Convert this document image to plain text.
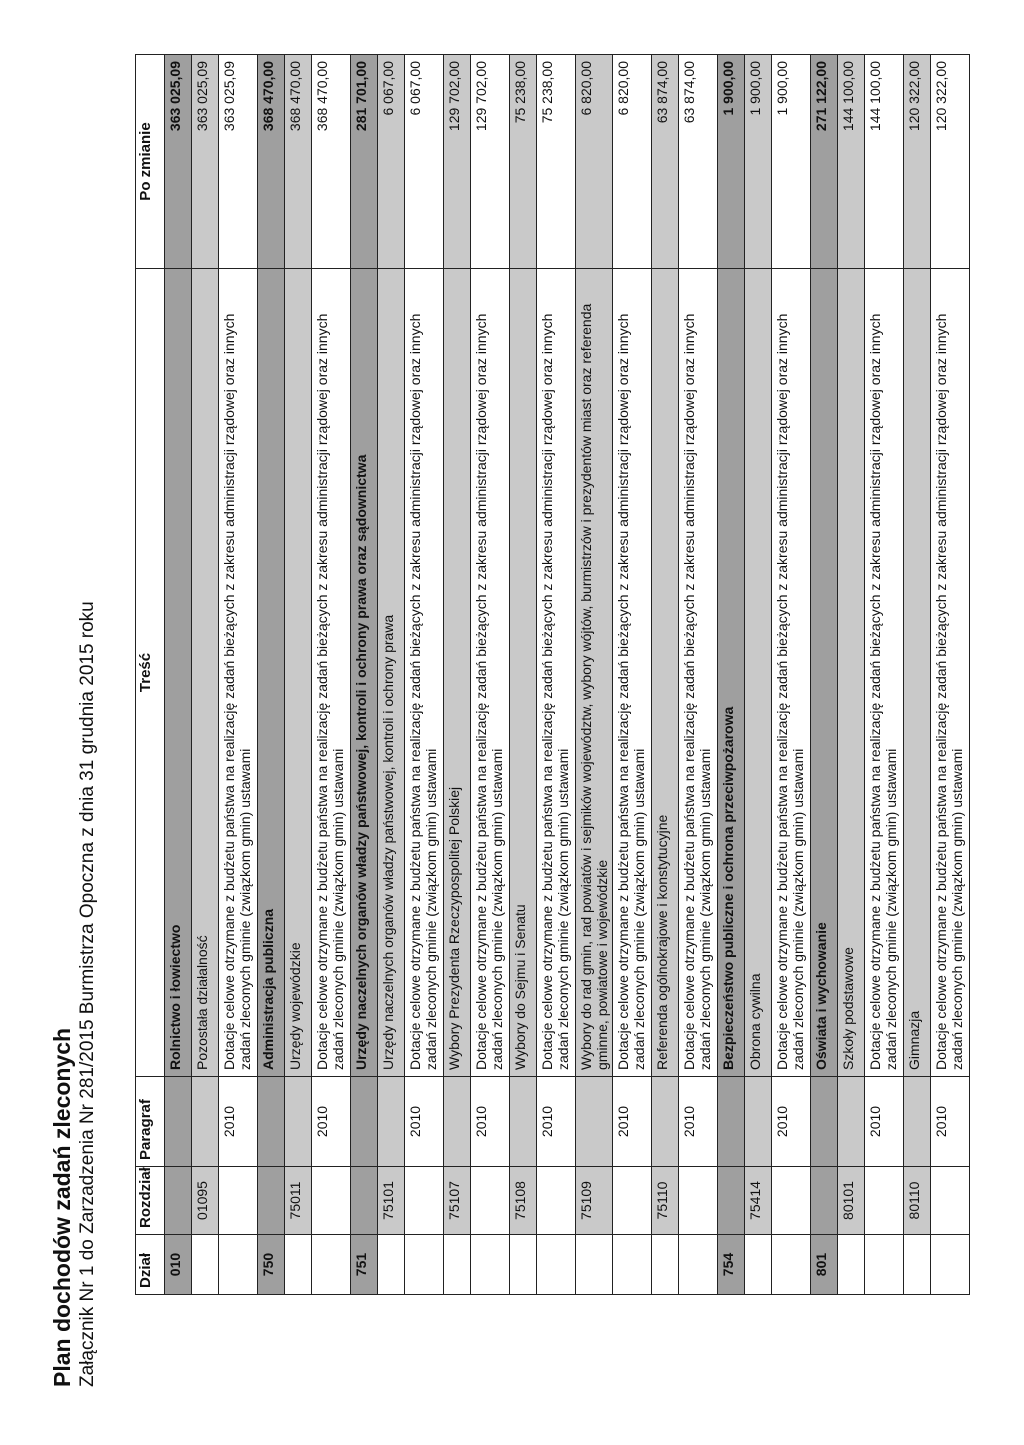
Plan dochodów zadań zleconych Załącznik Nr 1 do Zarzadzenia Nr 281/2015 Burmistrza Opoczna z dnia 31 grudnia 2015 roku	Dział	Rozdział	Paragraf	Treść	Po zmianie
010			Rolnictwo i łowiectwo	363 025,09
	01095		Pozostała działalność	363 025,09
		2010	Dotacje celowe otrzymane z budżetu państwa na realizację zadań bieżących z zakresu administracji rządowej oraz innych zadań zleconych gminie (związkom gmin) ustawami	363 025,09
750			Administracja publiczna	368 470,00
	75011		Urzędy wojewódzkie	368 470,00
		2010	Dotacje celowe otrzymane z budżetu państwa na realizację zadań bieżących z zakresu administracji rządowej oraz innych zadań zleconych gminie (związkom gmin) ustawami	368 470,00
751			Urzędy naczelnych organów władzy państwowej, kontroli i ochrony prawa oraz sądownictwa	281 701,00
	75101		Urzędy naczelnych organów władzy państwowej, kontroli i ochrony prawa	6 067,00
		2010	Dotacje celowe otrzymane z budżetu państwa na realizację zadań bieżących z zakresu administracji rządowej oraz innych zadań zleconych gminie (związkom gmin) ustawami	6 067,00
	75107		Wybory Prezydenta Rzeczypospolitej Polskiej	129 702,00
		2010	Dotacje celowe otrzymane z budżetu państwa na realizację zadań bieżących z zakresu administracji rządowej oraz innych zadań zleconych gminie (związkom gmin) ustawami	129 702,00
	75108		Wybory do Sejmu i Senatu	75 238,00
		2010	Dotacje celowe otrzymane z budżetu państwa na realizację zadań bieżących z zakresu administracji rządowej oraz innych zadań zleconych gminie (związkom gmin) ustawami	75 238,00
	75109		Wybory do rad gmin, rad powiatów i sejmików województw, wybory wójtów, burmistrzów i prezydentów miast oraz referenda gminne, powiatowe i wojewódzkie	6 820,00
		2010	Dotacje celowe otrzymane z budżetu państwa na realizację zadań bieżących z zakresu administracji rządowej oraz innych zadań zleconych gminie (związkom gmin) ustawami	6 820,00
	75110		Referenda ogólnokrajowe i konstytucyjne	63 874,00
		2010	Dotacje celowe otrzymane z budżetu państwa na realizację zadań bieżących z zakresu administracji rządowej oraz innych zadań zleconych gminie (związkom gmin) ustawami	63 874,00
754			Bezpieczeństwo publiczne i ochrona przeciwpożarowa	1 900,00
	75414		Obrona cywilna	1 900,00
		2010	Dotacje celowe otrzymane z budżetu państwa na realizację zadań bieżących z zakresu administracji rządowej oraz innych zadań zleconych gminie (związkom gmin) ustawami	1 900,00
801			Oświata i wychowanie	271 122,00
	80101		Szkoły podstawowe	144 100,00
		2010	Dotacje celowe otrzymane z budżetu państwa na realizację zadań bieżących z zakresu administracji rządowej oraz innych zadań zleconych gminie (związkom gmin) ustawami	144 100,00
	80110		Gimnazja	120 322,00
		2010	Dotacje celowe otrzymane z budżetu państwa na realizację zadań bieżących z zakresu administracji rządowej oraz innych zadań zleconych gminie (związkom gmin) ustawami	120 322,00
